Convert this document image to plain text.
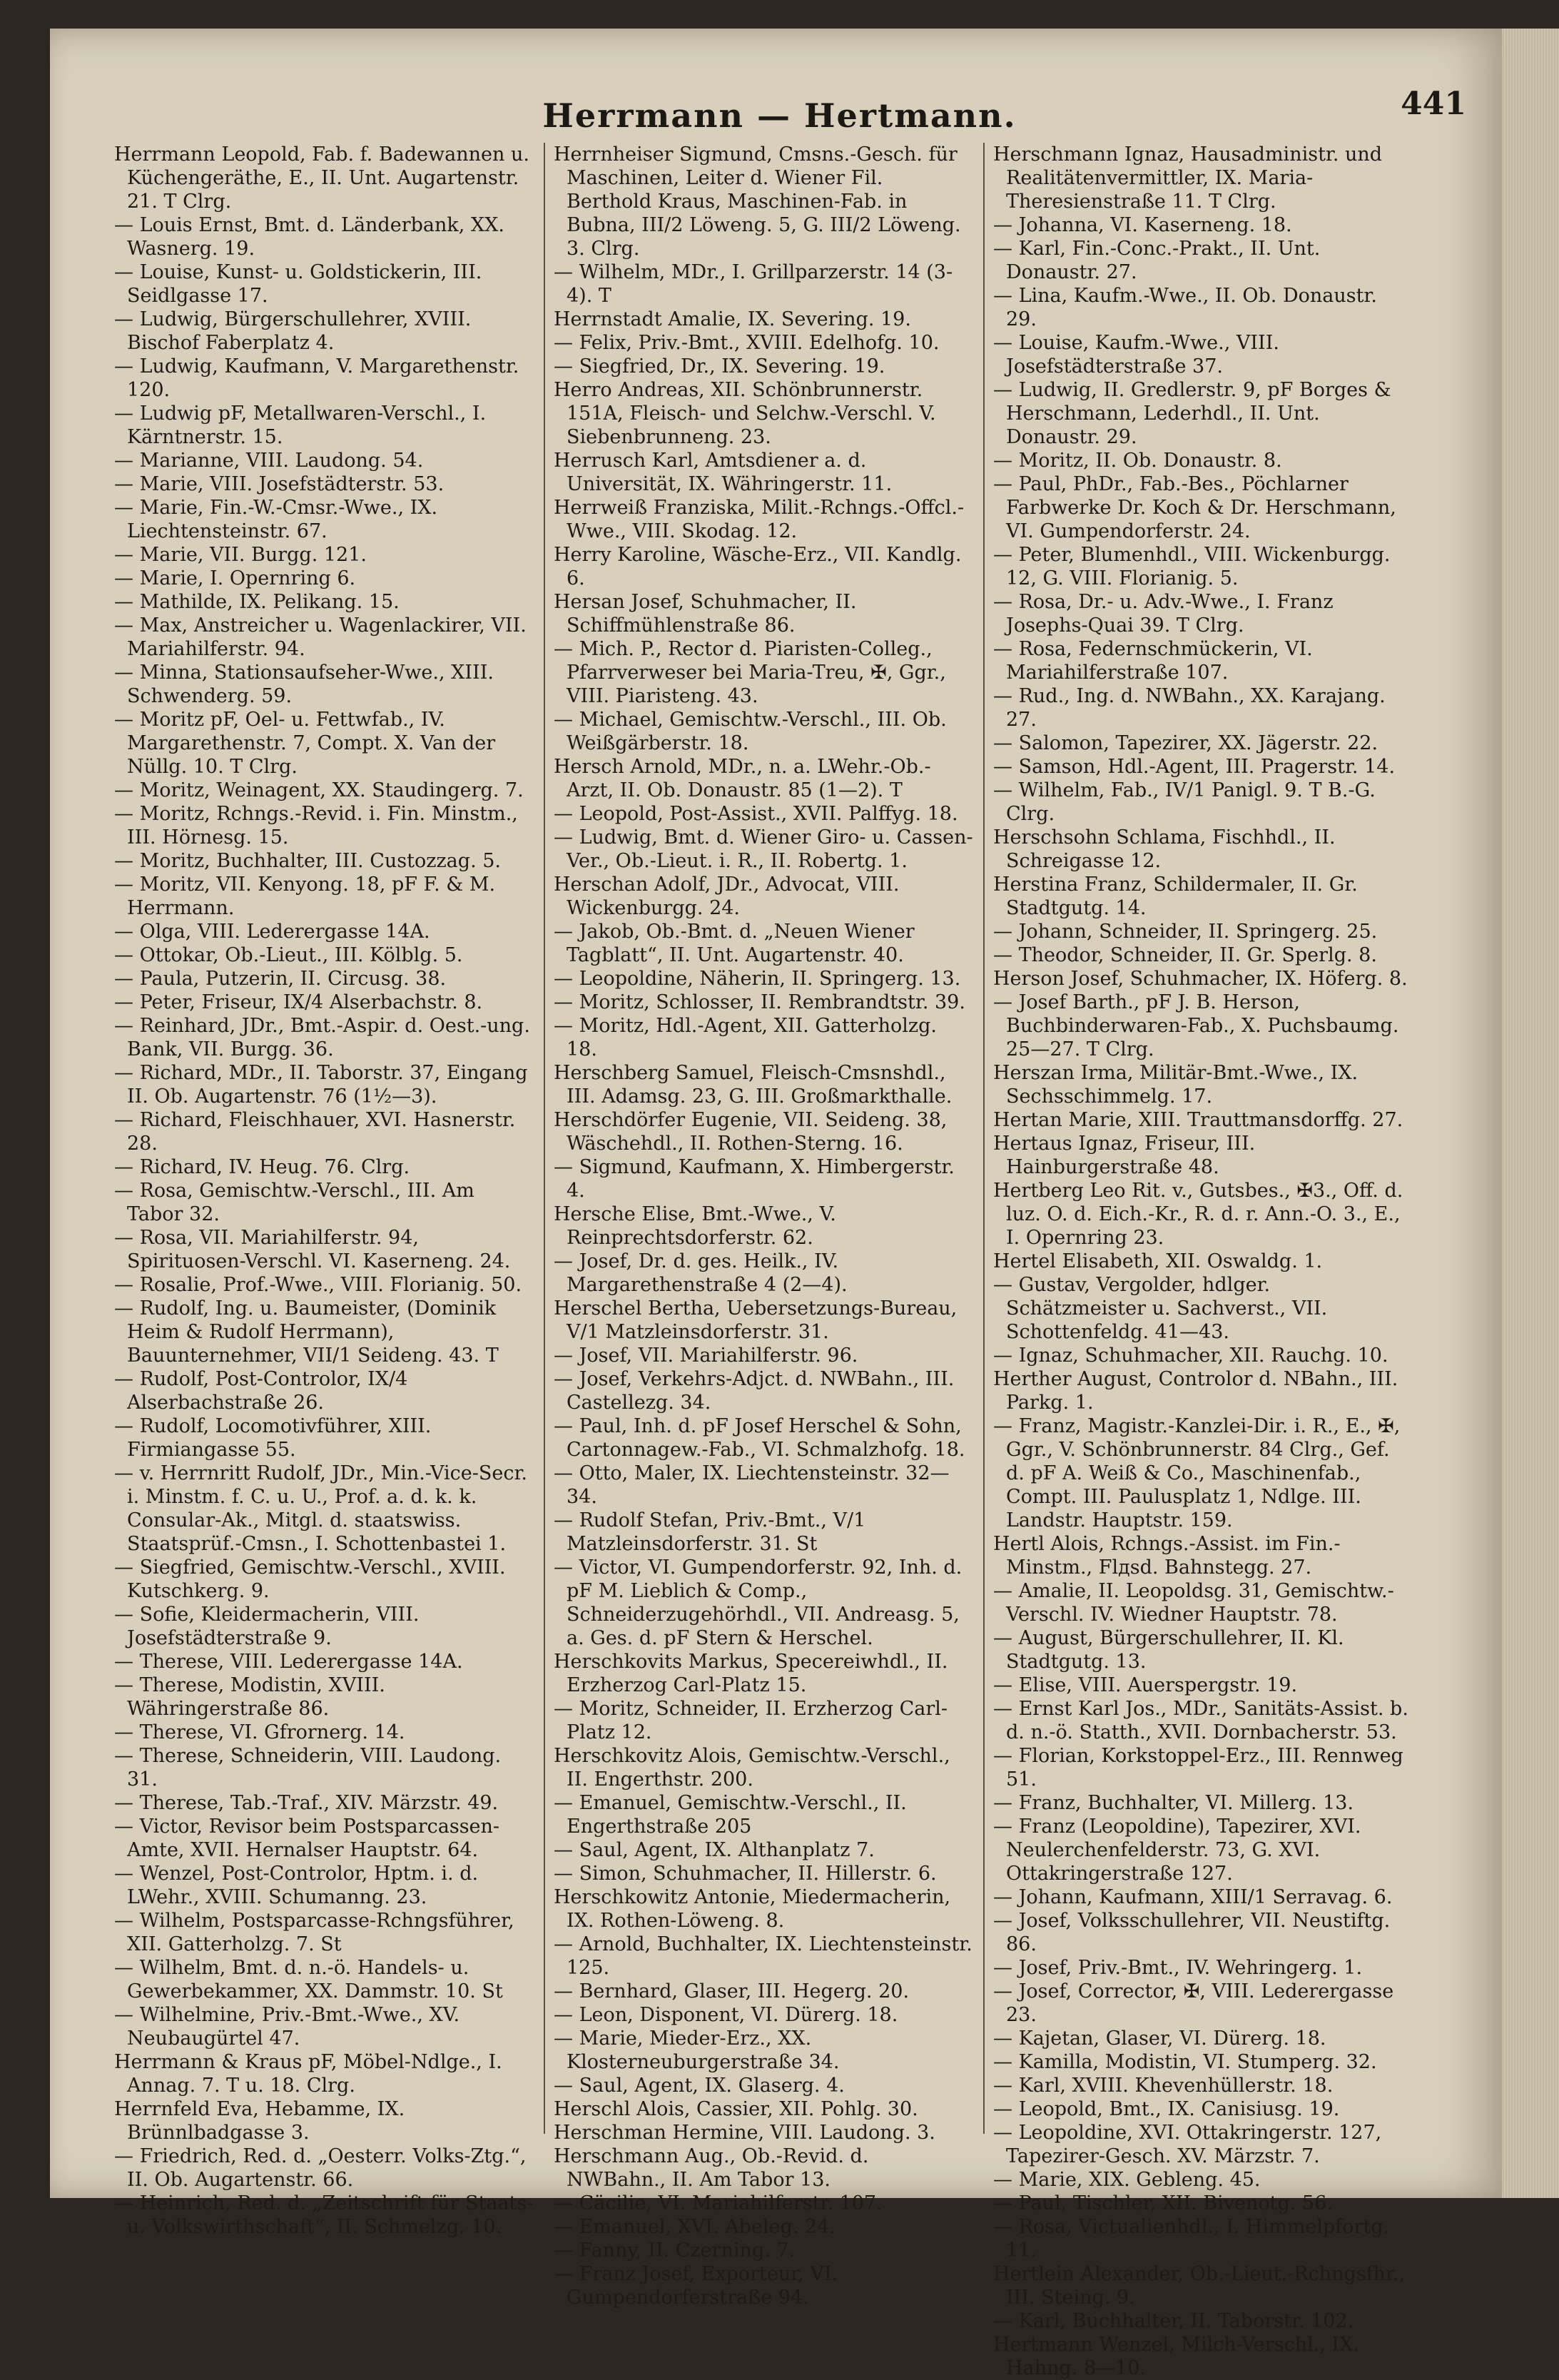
Herrmann — Hertmann.	441

Herrmann Leopold, Fab. f. Badewannen u. Küchengeräthe, E., II. Unt. Augartenstr. 21. T Clrg.

— Louis Ernst, Bmt. d. Länderbank, XX. Wasnerg. 19.

— Louise, Kunst- u. Goldstickerin, III. Seidlgasse 17.

— Ludwig, Bürgerschullehrer, XVIII. Bischof Faberplatz 4.

— Ludwig, Kaufmann, V. Margarethenstr. 120.

— Ludwig pF, Metallwaren-Verschl., I. Kärntnerstr. 15.

— Marianne, VIII. Laudong. 54.

— Marie, VIII. Josefstädterstr. 53.

— Marie, Fin.-W.-Cmsr.-Wwe., IX. Liechtensteinstr. 67.

— Marie, VII. Burgg. 121.

— Marie, I. Opernring 6.

— Mathilde, IX. Pelikang. 15.

— Max, Anstreicher u. Wagenlackirer, VII. Mariahilferstr. 94.

— Minna, Stationsaufseher-Wwe., XIII. Schwenderg. 59.

— Moritz pF, Oel- u. Fettwfab., IV. Margarethenstr. 7, Compt. X. Van der Nüllg. 10. T Clrg.

— Moritz, Weinagent, XX. Staudingerg. 7.

— Moritz, Rchngs.-Revid. i. Fin. Minstm., III. Hörnesg. 15.

— Moritz, Buchhalter, III. Custozzag. 5.

— Moritz, VII. Kenyong. 18, pF F. & M. Herrmann.

— Olga, VIII. Lederergasse 14A.

— Ottokar, Ob.-Lieut., III. Kölblg. 5.

— Paula, Putzerin, II. Circusg. 38.

— Peter, Friseur, IX/4 Alserbachstr. 8.

— Reinhard, JDr., Bmt.-Aspir. d. Oest.-ung. Bank, VII. Burgg. 36.

— Richard, MDr., II. Taborstr. 37, Eingang II. Ob. Augartenstr. 76 (1½—3).

— Richard, Fleischhauer, XVI. Hasnerstr. 28.

— Richard, IV. Heug. 76. Clrg.

— Rosa, Gemischtw.-Verschl., III. Am Tabor 32.

— Rosa, VII. Mariahilferstr. 94, Spirituosen-Verschl. VI. Kaserneng. 24.

— Rosalie, Prof.-Wwe., VIII. Florianig. 50.

— Rudolf, Ing. u. Baumeister, (Dominik Heim & Rudolf Herrmann), Bauunternehmer, VII/1 Seideng. 43. T

— Rudolf, Post-Controlor, IX/4 Alserbachstraße 26.

— Rudolf, Locomotivführer, XIII. Firmiangasse 55.

— v. Herrnritt Rudolf, JDr., Min.-Vice-Secr. i. Minstm. f. C. u. U., Prof. a. d. k. k. Consular-Ak., Mitgl. d. staatswiss. Staatsprüf.-Cmsn., I. Schottenbastei 1.

— Siegfried, Gemischtw.-Verschl., XVIII. Kutschkerg. 9.

— Sofie, Kleidermacherin, VIII. Josefstädterstraße 9.

— Therese, VIII. Lederergasse 14A.

— Therese, Modistin, XVIII. Währingerstraße 86.

— Therese, VI. Gfrornerg. 14.

— Therese, Schneiderin, VIII. Laudong. 31.

— Therese, Tab.-Traf., XIV. Märzstr. 49.

— Victor, Revisor beim Postsparcassen-Amte, XVII. Hernalser Hauptstr. 64.

— Wenzel, Post-Controlor, Hptm. i. d. LWehr., XVIII. Schumanng. 23.

— Wilhelm, Postsparcasse-Rchngsführer, XII. Gatterholzg. 7. St

— Wilhelm, Bmt. d. n.-ö. Handels- u. Gewerbekammer, XX. Dammstr. 10. St

— Wilhelmine, Priv.-Bmt.-Wwe., XV. Neubaugürtel 47.

Herrmann & Kraus pF, Möbel-Ndlge., I. Annag. 7. T u. 18. Clrg.

Herrnfeld Eva, Hebamme, IX. Brünnlbadgasse 3.

— Friedrich, Red. d. „Oesterr. Volks-Ztg.“, II. Ob. Augartenstr. 66.

— Heinrich, Red. d. „Zeitschrift für Staats- u. Volkswirthschaft“, II. Schmelzg. 10.

Herrnheiser Sigmund, Cmsns.-Gesch. für Maschinen, Leiter d. Wiener Fil. Berthold Kraus, Maschinen-Fab. in Bubna, III/2 Löweng. 5, G. III/2 Löweng. 3. Clrg.

— Wilhelm, MDr., I. Grillparzerstr. 14 (3-4). T

Herrnstadt Amalie, IX. Severing. 19.

— Felix, Priv.-Bmt., XVIII. Edelhofg. 10.

— Siegfried, Dr., IX. Severing. 19.

Herro Andreas, XII. Schönbrunnerstr. 151A, Fleisch- und Selchw.-Verschl. V. Siebenbrunneng. 23.

Herrusch Karl, Amtsdiener a. d. Universität, IX. Währingerstr. 11.

Herrweiß Franziska, Milit.-Rchngs.-Offcl.-Wwe., VIII. Skodag. 12.

Herry Karoline, Wäsche-Erz., VII. Kandlg. 6.

Hersan Josef, Schuhmacher, II. Schiffmühlenstraße 86.

— Mich. P., Rector d. Piaristen-Colleg., Pfarrverweser bei Maria-Treu, ✠, Ggr., VIII. Piaristeng. 43.

— Michael, Gemischtw.-Verschl., III. Ob. Weißgärberstr. 18.

Hersch Arnold, MDr., n. a. LWehr.-Ob.-Arzt, II. Ob. Donaustr. 85 (1—2). T

— Leopold, Post-Assist., XVII. Palffyg. 18.

— Ludwig, Bmt. d. Wiener Giro- u. Cassen-Ver., Ob.-Lieut. i. R., II. Robertg. 1.

Herschan Adolf, JDr., Advocat, VIII. Wickenburgg. 24.

— Jakob, Ob.-Bmt. d. „Neuen Wiener Tagblatt“, II. Unt. Augartenstr. 40.

— Leopoldine, Näherin, II. Springerg. 13.

— Moritz, Schlosser, II. Rembrandtstr. 39.

— Moritz, Hdl.-Agent, XII. Gatterholzg. 18.

Herschberg Samuel, Fleisch-Cmsnshdl., III. Adamsg. 23, G. III. Großmarkthalle.

Herschdörfer Eugenie, VII. Seideng. 38, Wäschehdl., II. Rothen-Sterng. 16.

— Sigmund, Kaufmann, X. Himbergerstr. 4.

Hersche Elise, Bmt.-Wwe., V. Reinprechtsdorferstr. 62.

— Josef, Dr. d. ges. Heilk., IV. Margarethenstraße 4 (2—4).

Herschel Bertha, Uebersetzungs-Bureau, V/1 Matzleinsdorferstr. 31.

— Josef, VII. Mariahilferstr. 96.

— Josef, Verkehrs-Adjct. d. NWBahn., III. Castellezg. 34.

— Paul, Inh. d. pF Josef Herschel & Sohn, Cartonnagew.-Fab., VI. Schmalzhofg. 18.

— Otto, Maler, IX. Liechtensteinstr. 32—34.

— Rudolf Stefan, Priv.-Bmt., V/1 Matzleinsdorferstr. 31. St

— Victor, VI. Gumpendorferstr. 92, Inh. d. pF M. Lieblich & Comp., Schneiderzugehörhdl., VII. Andreasg. 5, a. Ges. d. pF Stern & Herschel.

Herschkovits Markus, Specereiwhdl., II. Erzherzog Carl-Platz 15.

— Moritz, Schneider, II. Erzherzog Carl-Platz 12.

Herschkovitz Alois, Gemischtw.-Verschl., II. Engerthstr. 200.

— Emanuel, Gemischtw.-Verschl., II. Engerthstraße 205

— Saul, Agent, IX. Althanplatz 7.

— Simon, Schuhmacher, II. Hillerstr. 6.

Herschkowitz Antonie, Miedermacherin, IX. Rothen-Löweng. 8.

— Arnold, Buchhalter, IX. Liechtensteinstr. 125.

— Bernhard, Glaser, III. Hegerg. 20.

— Leon, Disponent, VI. Dürerg. 18.

— Marie, Mieder-Erz., XX. Klosterneuburgerstraße 34.

— Saul, Agent, IX. Glaserg. 4.

Herschl Alois, Cassier, XII. Pohlg. 30.

Herschman Hermine, VIII. Laudong. 3.

Herschmann Aug., Ob.-Revid. d. NWBahn., II. Am Tabor 13.

— Cäcilie, VI. Mariahilferstr. 107.

— Emanuel, XVI. Abeleg. 24.

— Fanny, II. Czerning. 7.

— Franz Josef, Exporteur, VI. Gumpendorferstraße 94.

Herschmann Ignaz, Hausadministr. und Realitätenvermittler, IX. Maria-Theresienstraße 11. T Clrg.

— Johanna, VI. Kaserneng. 18.

— Karl, Fin.-Conc.-Prakt., II. Unt. Donaustr. 27.

— Lina, Kaufm.-Wwe., II. Ob. Donaustr. 29.

— Louise, Kaufm.-Wwe., VIII. Josefstädterstraße 37.

— Ludwig, II. Gredlerstr. 9, pF Borges & Herschmann, Lederhdl., II. Unt. Donaustr. 29.

— Moritz, II. Ob. Donaustr. 8.

— Paul, PhDr., Fab.-Bes., Pöchlarner Farbwerke Dr. Koch & Dr. Herschmann, VI. Gumpendorferstr. 24.

— Peter, Blumenhdl., VIII. Wickenburgg. 12, G. VIII. Florianig. 5.

— Rosa, Dr.- u. Adv.-Wwe., I. Franz Josephs-Quai 39. T Clrg.

— Rosa, Federnschmückerin, VI. Mariahilferstraße 107.

— Rud., Ing. d. NWBahn., XX. Karajang. 27.

— Salomon, Tapezirer, XX. Jägerstr. 22.

— Samson, Hdl.-Agent, III. Pragerstr. 14.

— Wilhelm, Fab., IV/1 Panigl. 9. T B.-G. Clrg.

Herschsohn Schlama, Fischhdl., II. Schreigasse 12.

Herstina Franz, Schildermaler, II. Gr. Stadtgutg. 14.

— Johann, Schneider, II. Springerg. 25.

— Theodor, Schneider, II. Gr. Sperlg. 8.

Herson Josef, Schuhmacher, IX. Höferg. 8.

— Josef Barth., pF J. B. Herson, Buchbinderwaren-Fab., X. Puchsbaumg. 25—27. T Clrg.

Herszan Irma, Militär-Bmt.-Wwe., IX. Sechsschimmelg. 17.

Hertan Marie, XIII. Trauttmansdorffg. 27.

Hertaus Ignaz, Friseur, III. Hainburgerstraße 48.

Hertberg Leo Rit. v., Gutsbes., ✠3., Off. d. luz. O. d. Eich.-Kr., R. d. r. Ann.-O. 3., E., I. Opernring 23.

Hertel Elisabeth, XII. Oswaldg. 1.

— Gustav, Vergolder, hdlger. Schätzmeister u. Sachverst., VII. Schottenfeldg. 41—43.

— Ignaz, Schuhmacher, XII. Rauchg. 10.

Herther August, Controlor d. NBahn., III. Parkg. 1.

— Franz, Magistr.-Kanzlei-Dir. i. R., E., ✠, Ggr., V. Schönbrunnerstr. 84 Clrg., Gef. d. pF A. Weiß & Co., Maschinenfab., Compt. III. Paulusplatz 1, Ndlge. III. Landstr. Hauptstr. 159.

Hertl Alois, Rchngs.-Assist. im Fin.-Minstm., Flдsd. Bahnstegg. 27.

— Amalie, II. Leopoldsg. 31, Gemischtw.-Verschl. IV. Wiedner Hauptstr. 78.

— August, Bürgerschullehrer, II. Kl. Stadtgutg. 13.

— Elise, VIII. Auerspergstr. 19.

— Ernst Karl Jos., MDr., Sanitäts-Assist. b. d. n.-ö. Statth., XVII. Dornbacherstr. 53.

— Florian, Korkstoppel-Erz., III. Rennweg 51.

— Franz, Buchhalter, VI. Millerg. 13.

— Franz (Leopoldine), Tapezirer, XVI. Neulerchenfelderstr. 73, G. XVI. Ottakringerstraße 127.

— Johann, Kaufmann, XIII/1 Serravag. 6.

— Josef, Volksschullehrer, VII. Neustiftg. 86.

— Josef, Priv.-Bmt., IV. Wehringerg. 1.

— Josef, Corrector, ✠, VIII. Lederergasse 23.

— Kajetan, Glaser, VI. Dürerg. 18.

— Kamilla, Modistin, VI. Stumperg. 32.

— Karl, XVIII. Khevenhüllerstr. 18.

— Leopold, Bmt., IX. Canisiusg. 19.

— Leopoldine, XVI. Ottakringerstr. 127, Tapezirer-Gesch. XV. Märzstr. 7.

— Marie, XIX. Gebleng. 45.

— Paul, Tischler, XII. Bivenotg. 56.

— Rosa, Victualienhdl., I. Himmelpfortg. 11.

Hertlein Alexander, Ob.-Lieut.-Rchngsfhr., III. Steing. 9.

— Karl, Buchhalter, II. Taborstr. 102.

Hertmann Wenzel, Milch-Verschl., IX. Hahng. 8—10.
